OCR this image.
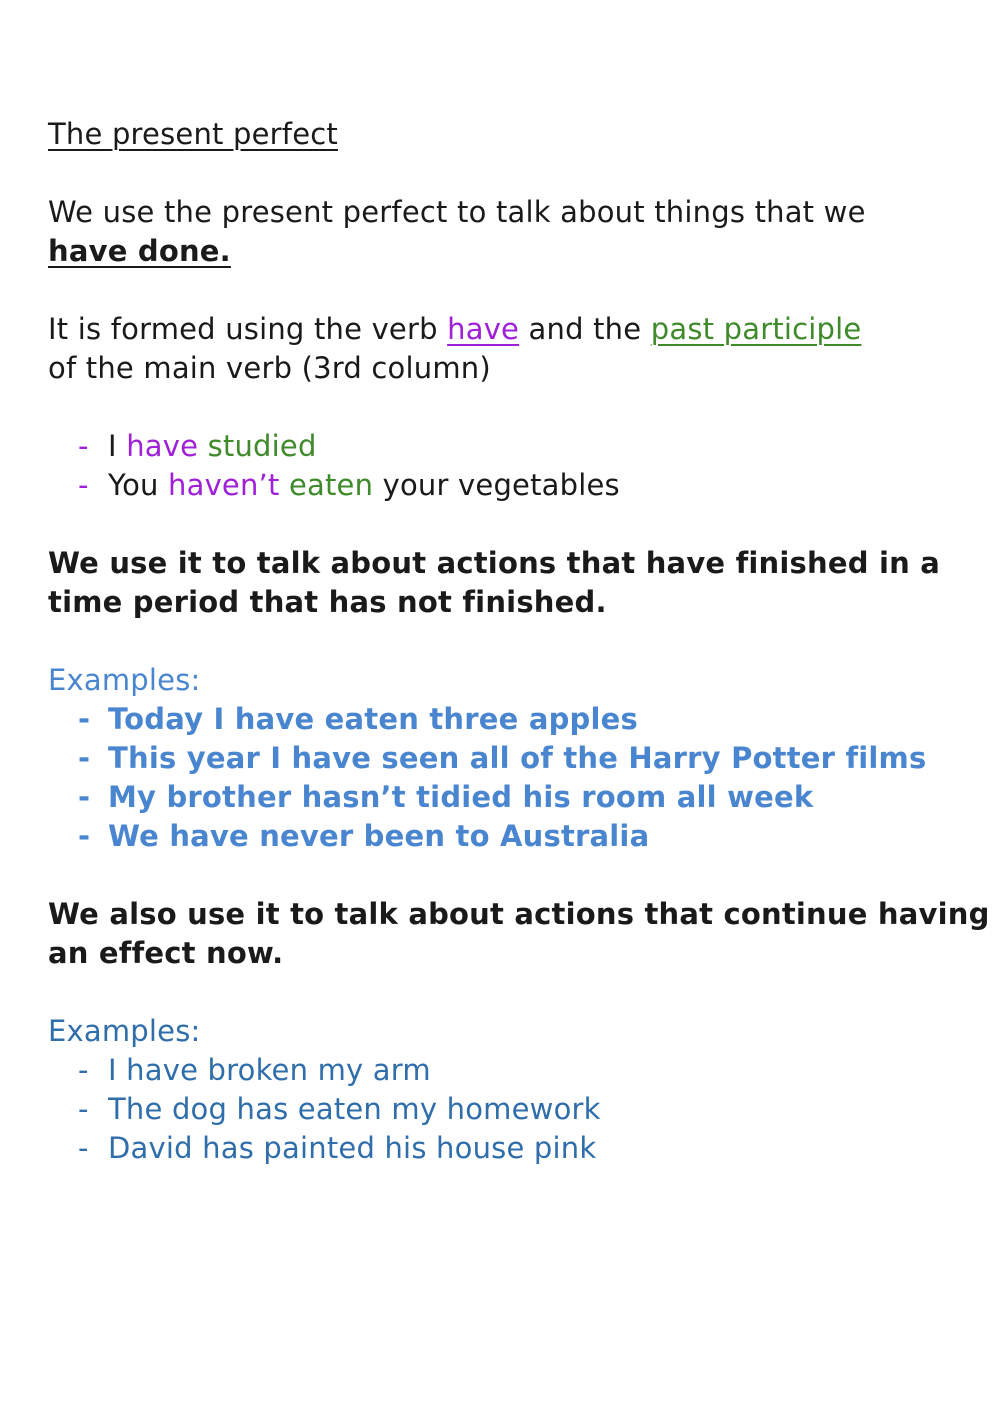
The present perfect
We use the present perfect to talk about things that we
have done.
It is formed using the verb have and the past participle
of the main verb (3rd column)
- I have studied
- You haven’t eaten your vegetables
We use it to talk about actions that have finished in a
time period that has not finished.
Examples:
- Today I have eaten three apples
- This year I have seen all of the Harry Potter films
- My brother hasn’t tidied his room all week
- We have never been to Australia
We also use it to talk about actions that continue having
an effect now.
Examples:
- I have broken my arm
- The dog has eaten my homework
- David has painted his house pink
